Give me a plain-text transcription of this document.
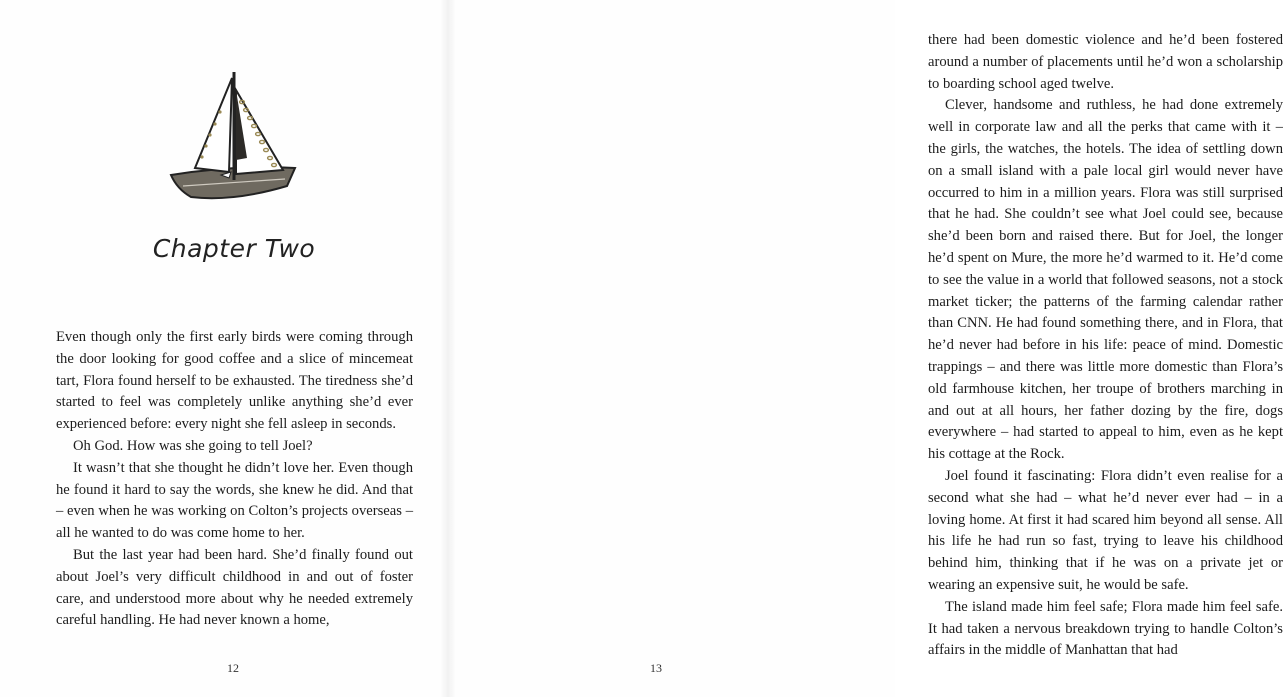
Chapter Two

Even though only the first early birds were coming through the door looking for good coffee and a slice of mincemeat tart, Flora found herself to be exhausted. The tiredness she’d started to feel was completely unlike anything she’d ever experienced before: every night she fell asleep in seconds.

Oh God. How was she going to tell Joel?

It wasn’t that she thought he didn’t love her. Even though he found it hard to say the words, she knew he did. And that – even when he was working on Colton’s projects overseas – all he wanted to do was come home to her.

But the last year had been hard. She’d finally found out about Joel’s very difficult childhood in and out of foster care, and understood more about why he needed extremely careful handling. He had never known a home,

12

there had been domestic violence and he’d been fostered around a number of placements until he’d won a scholarship to boarding school aged twelve.

Clever, handsome and ruthless, he had done extremely well in corporate law and all the perks that came with it – the girls, the watches, the hotels. The idea of settling down on a small island with a pale local girl would never have occurred to him in a million years. Flora was still surprised that he had. She couldn’t see what Joel could see, because she’d been born and raised there. But for Joel, the longer he’d spent on Mure, the more he’d warmed to it. He’d come to see the value in a world that followed seasons, not a stock market ticker; the patterns of the farming calendar rather than CNN. He had found something there, and in Flora, that he’d never had before in his life: peace of mind. Domestic trappings – and there was little more domestic than Flora’s old farmhouse kitchen, her troupe of brothers marching in and out at all hours, her father dozing by the fire, dogs everywhere – had started to appeal to him, even as he kept his cottage at the Rock.

Joel found it fascinating: Flora didn’t even realise for a second what she had – what he’d never ever had – in a loving home. At first it had scared him beyond all sense. All his life he had run so fast, trying to leave his childhood behind him, thinking that if he was on a private jet or wearing an expensive suit, he would be safe.

The island made him feel safe; Flora made him feel safe. It had taken a nervous breakdown trying to handle Colton’s affairs in the middle of Manhattan that had

13
